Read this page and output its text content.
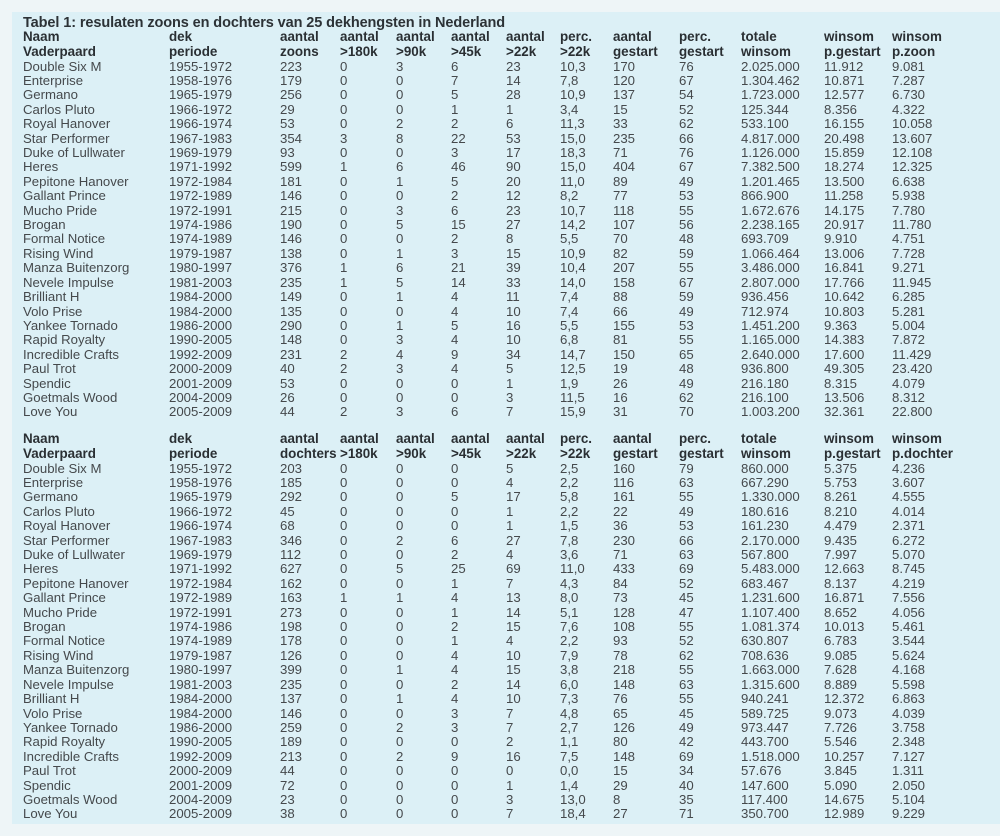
Tabel 1: resulaten zoons en dochters van 25 dekhengsten in Nederland
Naam	dek	aantal	aantal	aantal	aantal	aantal	perc.	aantal	perc.	totale	winsom	winsom
Vaderpaard	periode	zoons	>180k	>90k	>45k	>22k	>22k	gestart	gestart	winsom	p.gestart	p.zoon
Double Six M	1955-1972	223	0	3	6	23	10,3	170	76	2.025.000	11.912	9.081
Enterprise	1958-1976	179	0	0	7	14	7,8	120	67	1.304.462	10.871	7.287
Germano	1965-1979	256	0	0	5	28	10,9	137	54	1.723.000	12.577	6.730
Carlos Pluto	1966-1972	29	0	0	1	1	3,4	15	52	125.344	8.356	4.322
Royal Hanover	1966-1974	53	0	2	2	6	11,3	33	62	533.100	16.155	10.058
Star Performer	1967-1983	354	3	8	22	53	15,0	235	66	4.817.000	20.498	13.607
Duke of Lullwater	1969-1979	93	0	0	3	17	18,3	71	76	1.126.000	15.859	12.108
Heres	1971-1992	599	1	6	46	90	15,0	404	67	7.382.500	18.274	12.325
Pepitone Hanover	1972-1984	181	0	1	5	20	11,0	89	49	1.201.465	13.500	6.638
Gallant Prince	1972-1989	146	0	0	2	12	8,2	77	53	866.900	11.258	5.938
Mucho Pride	1972-1991	215	0	3	6	23	10,7	118	55	1.672.676	14.175	7.780
Brogan	1974-1986	190	0	5	15	27	14,2	107	56	2.238.165	20.917	11.780
Formal Notice	1974-1989	146	0	0	2	8	5,5	70	48	693.709	9.910	4.751
Rising Wind	1979-1987	138	0	1	3	15	10,9	82	59	1.066.464	13.006	7.728
Manza Buitenzorg	1980-1997	376	1	6	21	39	10,4	207	55	3.486.000	16.841	9.271
Nevele Impulse	1981-2003	235	1	5	14	33	14,0	158	67	2.807.000	17.766	11.945
Brilliant H	1984-2000	149	0	1	4	11	7,4	88	59	936.456	10.642	6.285
Volo Prise	1984-2000	135	0	0	4	10	7,4	66	49	712.974	10.803	5.281
Yankee Tornado	1986-2000	290	0	1	5	16	5,5	155	53	1.451.200	9.363	5.004
Rapid Royalty	1990-2005	148	0	3	4	10	6,8	81	55	1.165.000	14.383	7.872
Incredible Crafts	1992-2009	231	2	4	9	34	14,7	150	65	2.640.000	17.600	11.429
Paul Trot	2000-2009	40	2	3	4	5	12,5	19	48	936.800	49.305	23.420
Spendic	2001-2009	53	0	0	0	1	1,9	26	49	216.180	8.315	4.079
Goetmals Wood	2004-2009	26	0	0	0	3	11,5	16	62	216.100	13.506	8.312
Love You	2005-2009	44	2	3	6	7	15,9	31	70	1.003.200	32.361	22.800
Naam	dek	aantal	aantal	aantal	aantal	aantal	perc.	aantal	perc.	totale	winsom	winsom
Vaderpaard	periode	dochters	>180k	>90k	>45k	>22k	>22k	gestart	gestart	winsom	p.gestart	p.dochter
Double Six M	1955-1972	203	0	0	0	5	2,5	160	79	860.000	5.375	4.236
Enterprise	1958-1976	185	0	0	0	4	2,2	116	63	667.290	5.753	3.607
Germano	1965-1979	292	0	0	5	17	5,8	161	55	1.330.000	8.261	4.555
Carlos Pluto	1966-1972	45	0	0	0	1	2,2	22	49	180.616	8.210	4.014
Royal Hanover	1966-1974	68	0	0	0	1	1,5	36	53	161.230	4.479	2.371
Star Performer	1967-1983	346	0	2	6	27	7,8	230	66	2.170.000	9.435	6.272
Duke of Lullwater	1969-1979	112	0	0	2	4	3,6	71	63	567.800	7.997	5.070
Heres	1971-1992	627	0	5	25	69	11,0	433	69	5.483.000	12.663	8.745
Pepitone Hanover	1972-1984	162	0	0	1	7	4,3	84	52	683.467	8.137	4.219
Gallant Prince	1972-1989	163	1	1	4	13	8,0	73	45	1.231.600	16.871	7.556
Mucho Pride	1972-1991	273	0	0	1	14	5,1	128	47	1.107.400	8.652	4.056
Brogan	1974-1986	198	0	0	2	15	7,6	108	55	1.081.374	10.013	5.461
Formal Notice	1974-1989	178	0	0	1	4	2,2	93	52	630.807	6.783	3.544
Rising Wind	1979-1987	126	0	0	4	10	7,9	78	62	708.636	9.085	5.624
Manza Buitenzorg	1980-1997	399	0	1	4	15	3,8	218	55	1.663.000	7.628	4.168
Nevele Impulse	1981-2003	235	0	0	2	14	6,0	148	63	1.315.600	8.889	5.598
Brilliant H	1984-2000	137	0	1	4	10	7,3	76	55	940.241	12.372	6.863
Volo Prise	1984-2000	146	0	0	3	7	4,8	65	45	589.725	9.073	4.039
Yankee Tornado	1986-2000	259	0	2	3	7	2,7	126	49	973.447	7.726	3.758
Rapid Royalty	1990-2005	189	0	0	0	2	1,1	80	42	443.700	5.546	2.348
Incredible Crafts	1992-2009	213	0	2	9	16	7,5	148	69	1.518.000	10.257	7.127
Paul Trot	2000-2009	44	0	0	0	0	0,0	15	34	57.676	3.845	1.311
Spendic	2001-2009	72	0	0	0	1	1,4	29	40	147.600	5.090	2.050
Goetmals Wood	2004-2009	23	0	0	0	3	13,0	8	35	117.400	14.675	5.104
Love You	2005-2009	38	0	0	0	7	18,4	27	71	350.700	12.989	9.229
